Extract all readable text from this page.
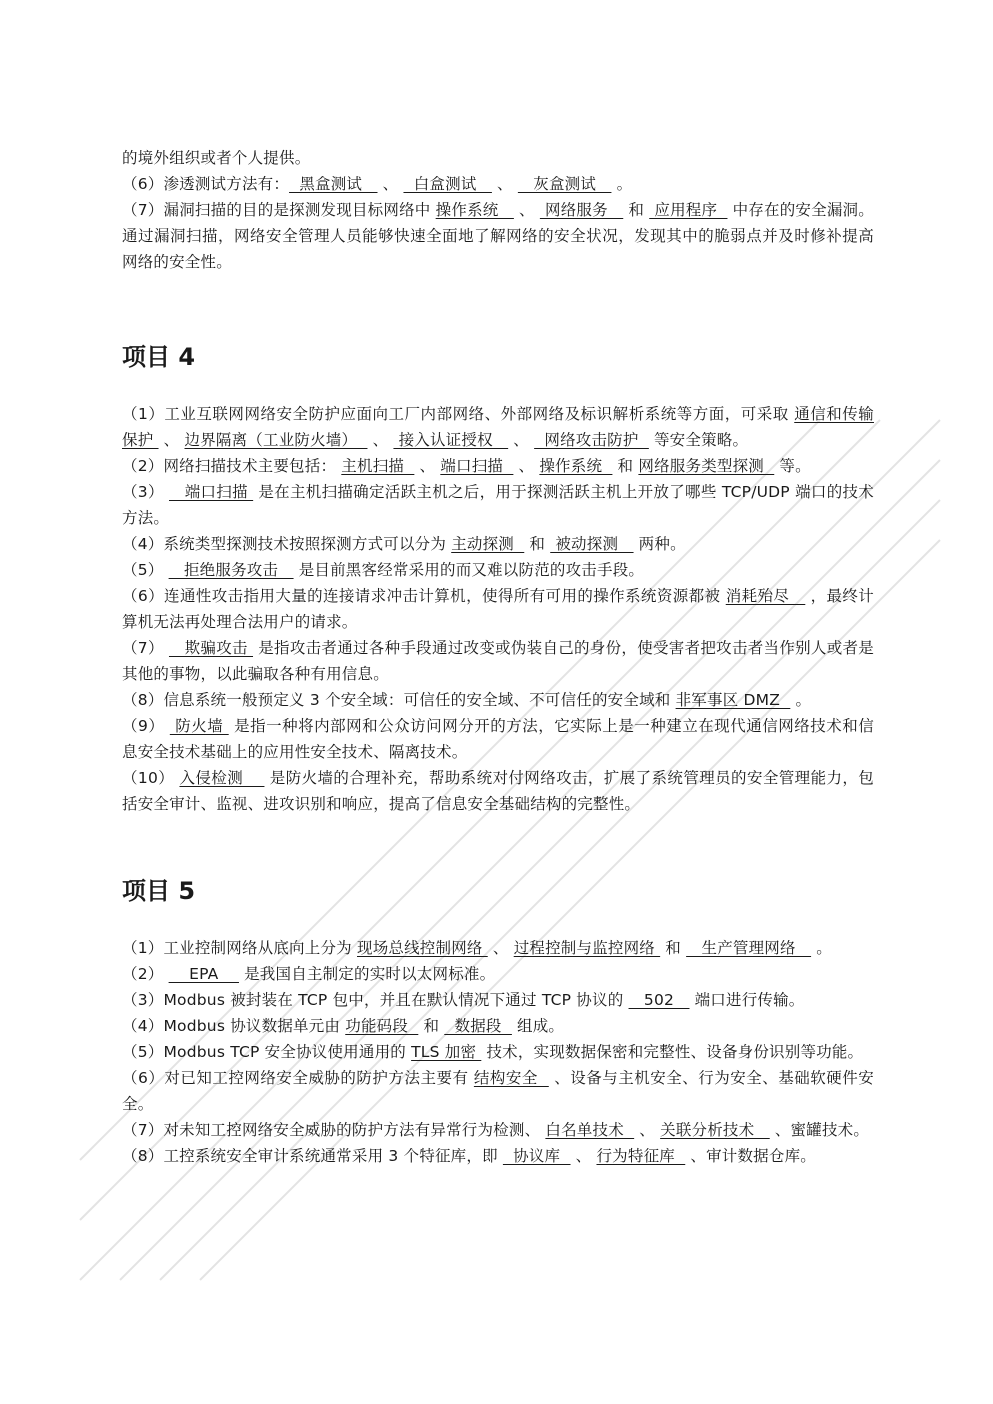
的境外组织或者个人提供。

（6）渗透测试方法有：  黑盒测试    、   白盒测试    、    灰盒测试    。

（7）漏洞扫描的目的是探测发现目标网络中 操作系统    、  网络服务    和  应用程序   中存在的安全漏洞。通过漏洞扫描，网络安全管理人员能够快速全面地了解网络的安全状况，发现其中的脆弱点并及时修补提高网络的安全性。

项目 4

（1）工业互联网网络安全防护应面向工厂内部网络、外部网络及标识解析系统等方面，可采取 通信和传输保护  、 边界隔离（工业防火墙）   、  接入认证授权    、   网络攻击防护   等安全策略。

（2）网络扫描技术主要包括： 主机扫描   、 端口扫描   、 操作系统   和 网络服务类型探测   等。

（3）    端口扫描  是在主机扫描确定活跃主机之后，用于探测活跃主机上开放了哪些 TCP/UDP 端口的技术方法。

（4）系统类型探测技术按照探测方式可以分为 主动探测   和  被动探测    两种。

（5）    拒绝服务攻击    是目前黑客经常采用的而又难以防范的攻击手段。

（6）连通性攻击指用大量的连接请求冲击计算机，使得所有可用的操作系统资源都被 消耗殆尽    ，最终计算机无法再处理合法用户的请求。

（7）    欺骗攻击  是指攻击者通过各种手段通过改变或伪装自己的身份，使受害者把攻击者当作别人或者是其他的事物，以此骗取各种有用信息。

（8）信息系统一般预定义 3 个安全域：可信任的安全域、不可信任的安全域和 非军事区 DMZ   。

（9）  防火墙  是指一种将内部网和公众访问网分开的方法，它实际上是一种建立在现代通信网络技术和信息安全技术基础上的应用性安全技术、隔离技术。

（10） 入侵检测     是防火墙的合理补充，帮助系统对付网络攻击，扩展了系统管理员的安全管理能力，包括安全审计、监视、进攻识别和响应，提高了信息安全基础结构的完整性。

项目 5

（1）工业控制网络从底向上分为 现场总线控制网络  、 过程控制与监控网络  和    生产管理网络    。

（2）     EPA     是我国自主制定的实时以太网标准。

（3）Modbus 被封装在 TCP 包中，并且在默认情况下通过 TCP 协议的    502    端口进行传输。

（4）Modbus 协议数据单元由 功能码段   和   数据段   组成。

（5）Modbus TCP 安全协议使用通用的 TLS 加密  技术，实现数据保密和完整性、设备身份识别等功能。

（6）对已知工控网络安全威胁的防护方法主要有 结构安全   、设备与主机安全、行为安全、基础软硬件安全。

（7）对未知工控网络安全威胁的防护方法有异常行为检测、 白名单技术   、 关联分析技术    、蜜罐技术。

（8）工控系统安全审计系统通常采用 3 个特征库，即   协议库   、 行为特征库   、审计数据仓库。
